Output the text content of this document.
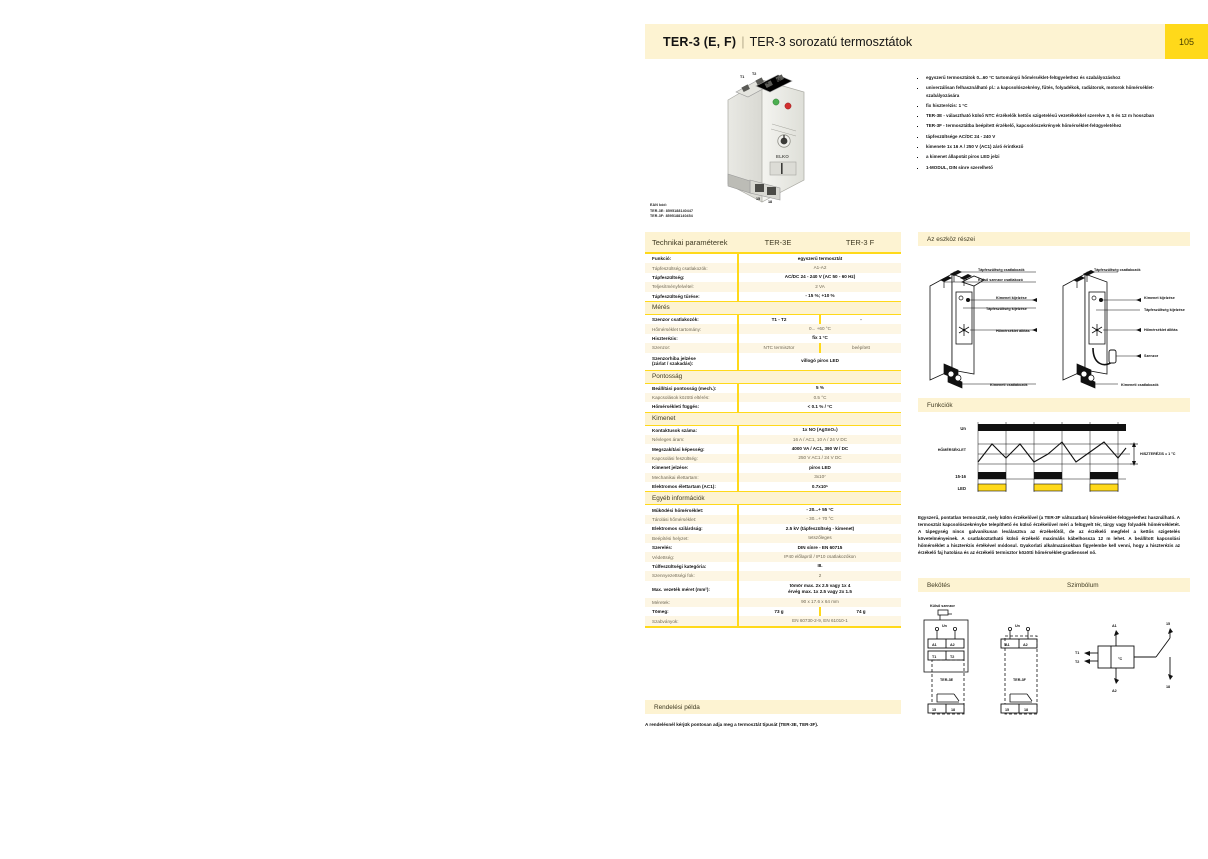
TER-3 (E, F) | TER-3 sorozatú termosztátok	105
T1
T2
A1
A2
ELKO
15
18
EAN kód:
TER-3E: 8595188140447
TER-3F: 8595188140454
▪ egyszerű termosztátok 0...60 °C tartományú hőmérséklet-felügyelethez és szabályozáshoz
▪ univerzálisan felhasználható pl.: a kapcsolószekrény, fűtés, folyadékok, radiátorok, motorok hőmérséklet-szabályozására
▪ fix hiszterézis: 1 °C
▪ TER-3E - választható külső NTC érzékelők kettős szigetelésű vezetékekkel szerelve 3, 6 és 12 m hosszban
▪ TER-3F - termosztátba beépített érzékelő, kapcsolószekrények hőmérséklet-felügyeletéhez
▪ tápfeszültsége AC/DC 24 - 240 V
▪ kimenete 1x 16 A / 250 V (AC1) záró érintkező
▪ a kimenet állapotát piros LED jelzi
▪ 1-MODUL, DIN sínre szerelhető
Technikai paraméterek	TER-3E	TER-3 F
Funkció:	egyszerű termosztát
Tápfeszültség csatlakozók:	A1-A2
Tápfeszültség:	AC/DC 24 - 240 V (AC 50 - 60 Hz)
Teljesítményfelvétel:	2 VA
Tápfeszültség tűrése:	- 15 %; +10 %
Mérés
Szenzor csatlakozók:	T1 - T2	-
Hőmérséklet tartomány:	0... +60 °C
Hiszterézis:	fix 1 °C
Szenzor:	NTC termisztor	beépített
Szenzorhiba jelzése
(zárlat / szakadás):
villogó piros LED
Pontosság
Beállítási pontosság (mech.):	5 %
Kapcsolások közötti eltérés:	0.5 °C
Hőmérsékleti függés:	< 0.1 % / °C
Kimenet
Kontaktusok száma:	1x NO (AgSnO₂)
Névleges áram:	16 A / AC1, 10 A / 24 V DC
Megszakítási képesség:	4000 VA / AC1, 390 W / DC
Kapcsolási feszültség:	250 V AC1 / 24 V DC
Kimenet jelzése:	piros LED
Mechanikai élettartam:	3x10⁷
Elektromos élettartam (AC1):	0.7x10⁵
Egyéb információk
Működési hőmérséklet:	- 20...+ 55 °C
Tárolási hőmérséklet:	- 30...+ 70 °C
Elektromos szilárdság:	2.5 kV (tápfeszültség - kimenet)
Beépítési helyzet:	tetszőleges
Szerelés:	DIN sínre - EN 60715
Védettség:	IP40 előlapról / IP10 csatlakozókon
Túlfeszültségi kategória:	III.
Szennyezettségi fok:	2
Max. vezeték méret (mm²):
tömör max. 2x 2.5 vagy 1x 4
érvég max. 1x 2.5 vagy 2x 1.5
Méretek:	90 x 17.6 x 64 mm
Tömeg:	73 g	74 g
Szabványok:	EN 60730-2-9, EN 61010-1
Rendelési példa
A rendelésnél kérjük pontosan adja meg a termosztát típusát (TER-3E, TER-3F).
Az eszköz részei
Tápfeszültség csatlakozók
Külső szenzor csatlakozó
Kimenet kijelzése
Tápfeszültség kijelzése
Hőmérséklet állítás
Kimeneti csatlakozók
Tápfeszültség csatlakozók
Kimenet kijelzése
Tápfeszültség kijelzése
Hőmérséklet állítás
Szenzor
Kimeneti csatlakozók
Funkciók
Un
HŐMÉRSÉKLET
HISZTERÉZIS = 1 °C
15-16
LED
Egyszerű, pontatlan termosztát, mely külön érzékelővel (a TER-3F változatban) hőmérséklet-felügyelethez használható. A termosztát kapcsolószekrénybe telepíthető és külső érzékelővel méri a felügyelt tér, tárgy vagy folyadék hőmérsékletét. A tápegység nincs galvanikusan leválasztva az érzékelőtől, de az érzékelő megfelel a kettős szigetelés követelményeinek. A csatlakoztatható külső érzékelő maximális kábelhossza 12 m lehet. A beállított kapcsolási hőmérséklet a hiszterézis értékével módosul. Gyakorlati alkalmazásokban figyelembe kell venni, hogy a hiszterézis az érzékelő faj hatolása és az érzékelő termisztor közötti hőmérséklet-gradienssel nő.
Bekötés	Szimbólum
Külső szenzor
Un
A1	A2
T1	T2
TER-3E
15	18
Un
A1	A2
TER-3F
15	18
°C
A1
A2
T1
T2
15
18
